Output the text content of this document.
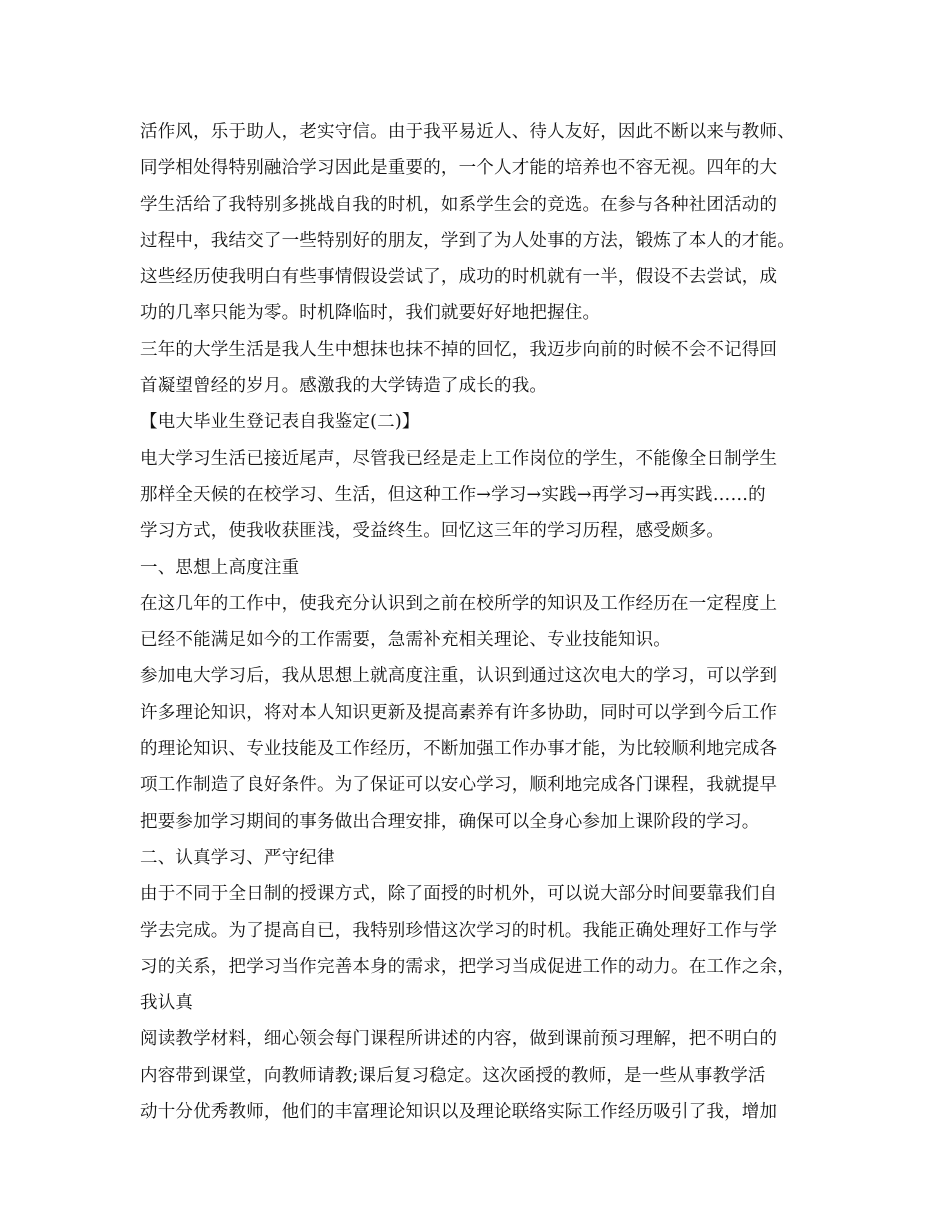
活作风，乐于助人，老实守信。由于我平易近人、待人友好，因此不断以来与教师、
同学相处得特别融洽学习因此是重要的，一个人才能的培养也不容无视。四年的大
学生活给了我特别多挑战自我的时机，如系学生会的竞选。在参与各种社团活动的
过程中，我结交了一些特别好的朋友，学到了为人处事的方法，锻炼了本人的才能。
这些经历使我明白有些事情假设尝试了，成功的时机就有一半，假设不去尝试，成
功的几率只能为零。时机降临时，我们就要好好地把握住。
三年的大学生活是我人生中想抹也抹不掉的回忆，我迈步向前的时候不会不记得回
首凝望曾经的岁月。感激我的大学铸造了成长的我。
【电大毕业生登记表自我鉴定(二)】
电大学习生活已接近尾声，尽管我已经是走上工作岗位的学生，不能像全日制学生
那样全天候的在校学习、生活，但这种工作→学习→实践→再学习→再实践……的
学习方式，使我收获匪浅，受益终生。回忆这三年的学习历程，感受颇多。
一、思想上高度注重
在这几年的工作中，使我充分认识到之前在校所学的知识及工作经历在一定程度上
已经不能满足如今的工作需要，急需补充相关理论、专业技能知识。
参加电大学习后，我从思想上就高度注重，认识到通过这次电大的学习，可以学到
许多理论知识，将对本人知识更新及提高素养有许多协助，同时可以学到今后工作
的理论知识、专业技能及工作经历，不断加强工作办事才能，为比较顺利地完成各
项工作制造了良好条件。为了保证可以安心学习，顺利地完成各门课程，我就提早
把要参加学习期间的事务做出合理安排，确保可以全身心参加上课阶段的学习。
二、认真学习、严守纪律
由于不同于全日制的授课方式，除了面授的时机外，可以说大部分时间要靠我们自
学去完成。为了提高自已，我特别珍惜这次学习的时机。我能正确处理好工作与学
习的关系，把学习当作完善本身的需求，把学习当成促进工作的动力。在工作之余，
我认真
阅读教学材料，细心领会每门课程所讲述的内容，做到课前预习理解，把不明白的
内容带到课堂，向教师请教;课后复习稳定。这次函授的教师，是一些从事教学活
动十分优秀教师，他们的丰富理论知识以及理论联络实际工作经历吸引了我，增加
